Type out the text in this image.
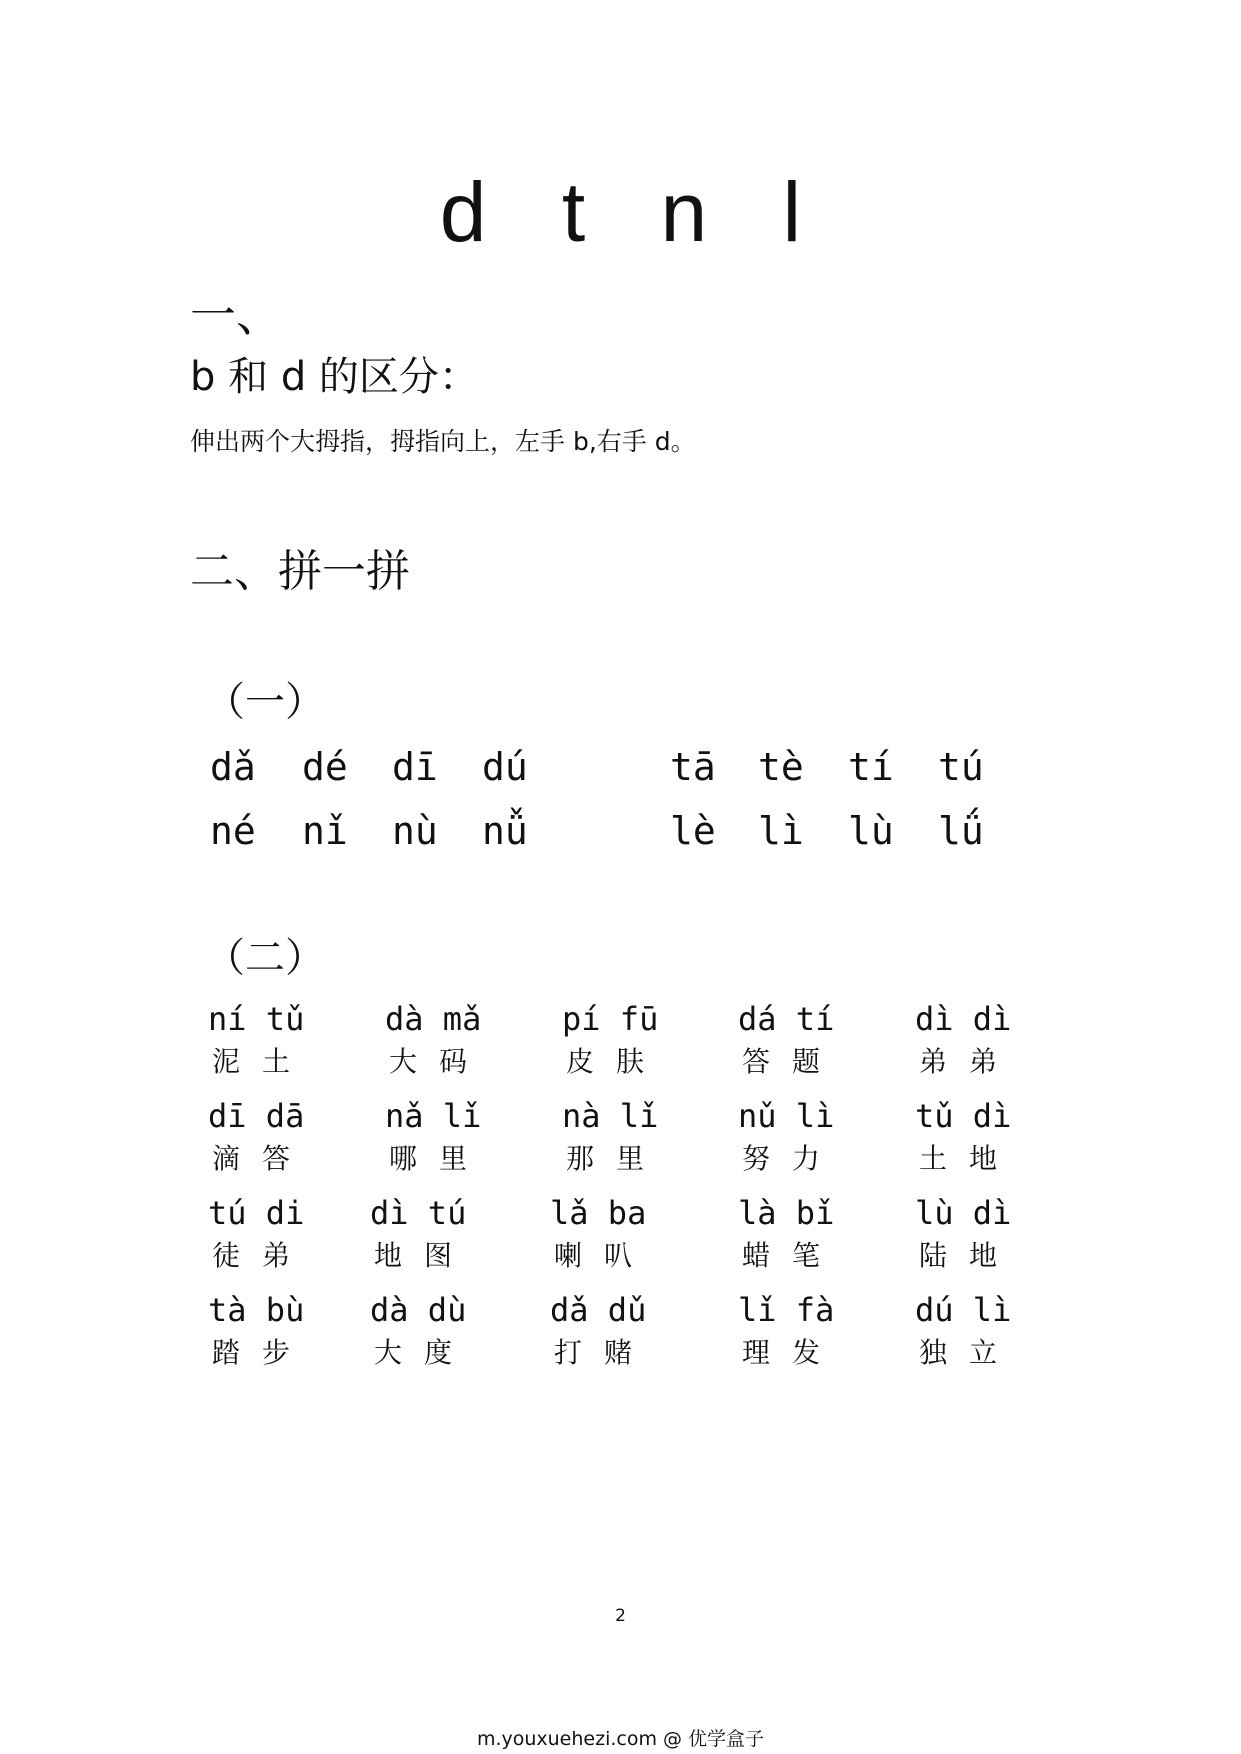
d t n l
一、
b 和 d 的区分：
伸出两个大拇指，拇指向上，左手 b,右手 d。
二、拼一拼
（一）
dǎ dé dī dú	tā tè tí tú
né nǐ nù nǚ	lè lì lù lǘ
（二）
ní tǔ
泥土
dà mǎ
大码
pí fū
皮肤
dá tí
答题
dì dì
弟弟
dī dā
滴答
nǎ lǐ
哪里
nà lǐ
那里
nǔ lì
努力
tǔ dì
土地
tú di
徒弟
dì tú
地图
lǎ ba
喇叭
là bǐ
蜡笔
lù dì
陆地
tà bù
踏步
dà dù
大度
dǎ dǔ
打赌
lǐ fà
理发
dú lì
独立
2
m.youxuehezi.com @ 优学盒子
